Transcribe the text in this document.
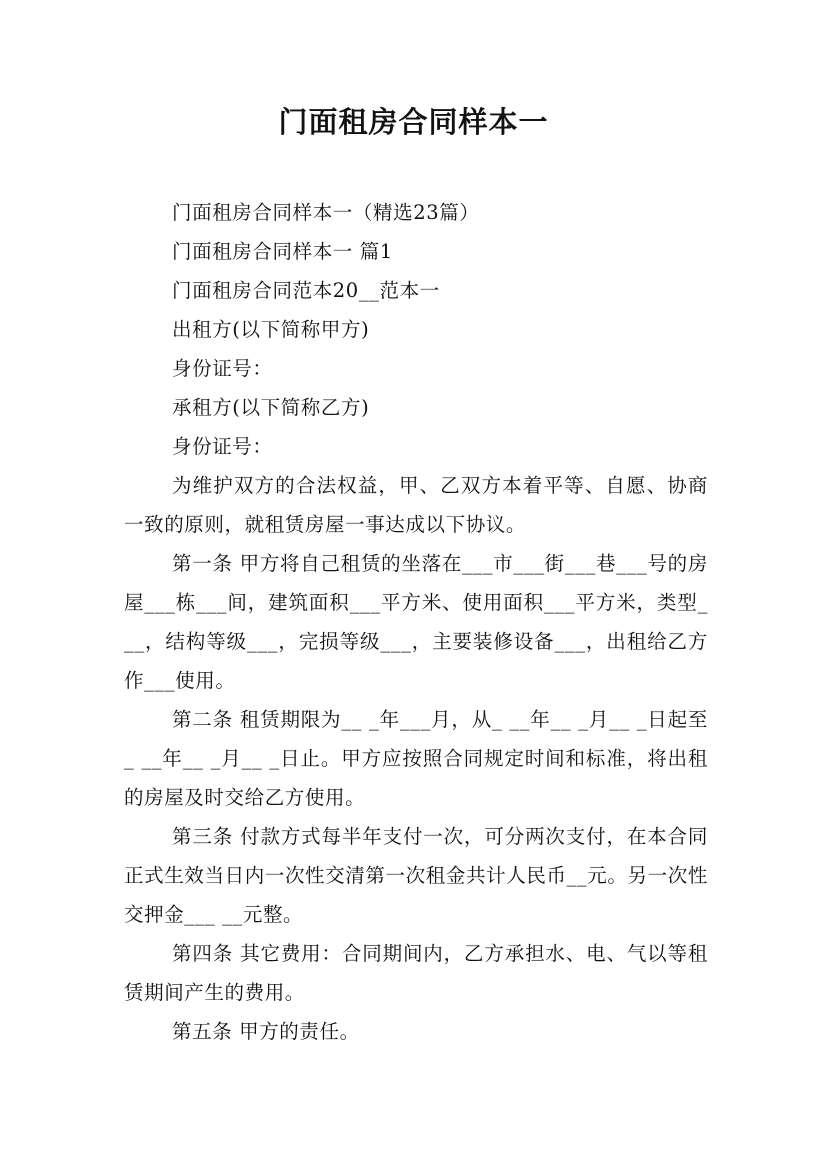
门面租房合同样本一

门面租房合同样本一（精选23篇）

门面租房合同样本一 篇1

门面租房合同范本20__范本一

出租方(以下简称甲方)

身份证号：

承租方(以下简称乙方)

身份证号：

为维护双方的合法权益，甲、乙双方本着平等、自愿、协商一致的原则，就租赁房屋一事达成以下协议。

第一条 甲方将自己租赁的坐落在___市___街___巷___号的房屋___栋___间，建筑面积___平方米、使用面积___平方米，类型___，结构等级___，完损等级___，主要装修设备___，出租给乙方作___使用。

第二条 租赁期限为__ _年___月，从_ __年__ _月__ _日起至_ __年__ _月__ _日止。甲方应按照合同规定时间和标准，将出租的房屋及时交给乙方使用。

第三条 付款方式每半年支付一次，可分两次支付，在本合同正式生效当日内一次性交清第一次租金共计人民币__元。另一次性交押金___ __元整。

第四条 其它费用：合同期间内，乙方承担水、电、气以等租赁期间产生的费用。

第五条 甲方的责任。
